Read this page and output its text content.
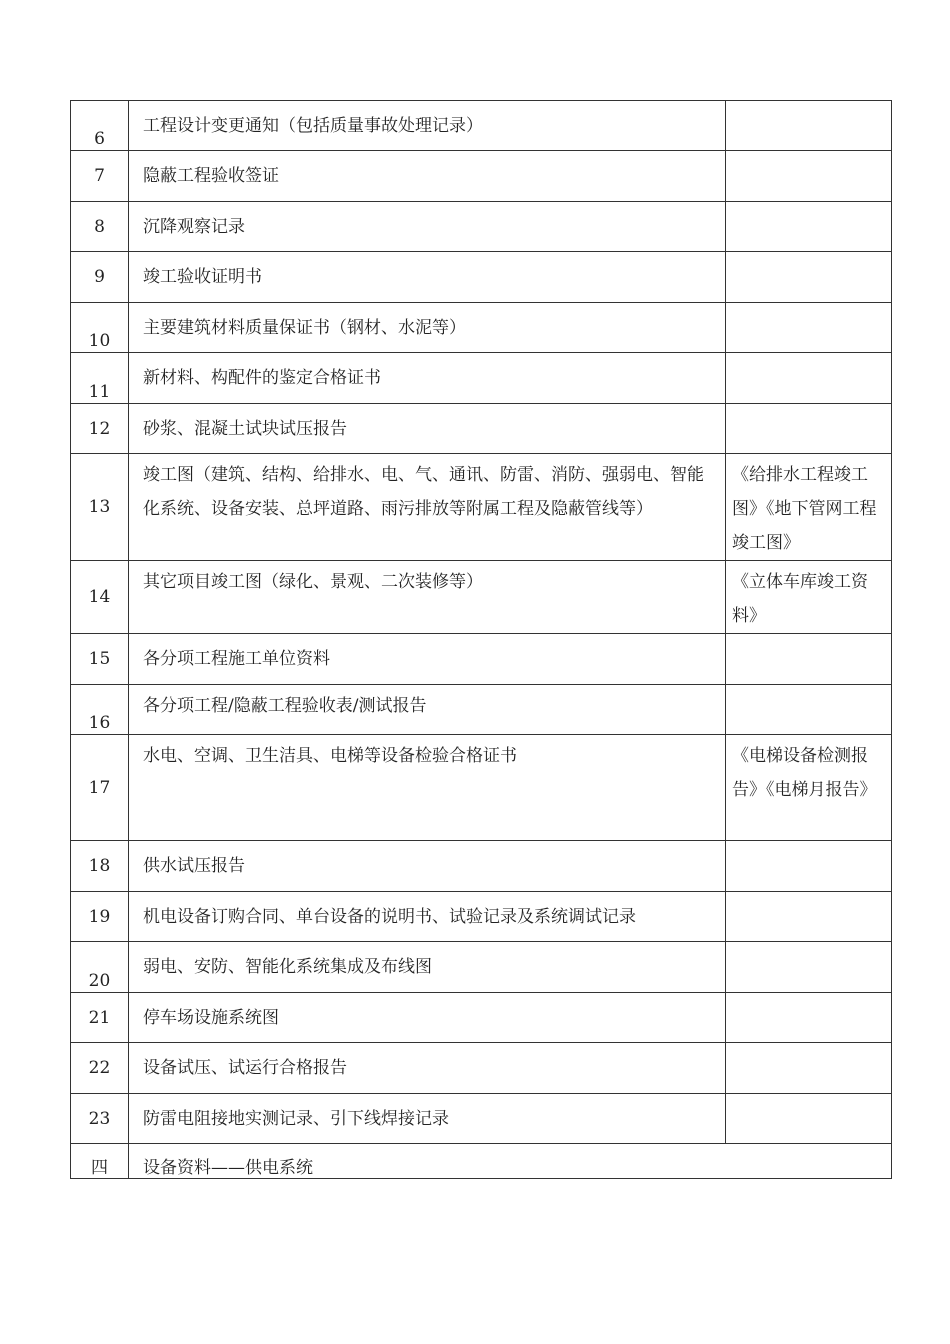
6	工程设计变更通知（包括质量事故处理记录）	
7	隐蔽工程验收签证	
8	沉降观察记录	
9	竣工验收证明书	

10	主要建筑材料质量保证书（钢材、水泥等）	

11	新材料、构配件的鉴定合格证书	
12	砂浆、混凝土试块试压报告	
13	竣工图（建筑、结构、给排水、电、气、通讯、防雷、消防、强弱电、智能化系统、设备安装、总坪道路、雨污排放等附属工程及隐蔽管线等）	《给排水工程竣工图》《地下管网工程竣工图》
14	其它项目竣工图（绿化、景观、二次装修等）	《立体车库竣工资料》
15	各分项工程施工单位资料	

16	各分项工程/隐蔽工程验收表/测试报告	
17	水电、空调、卫生洁具、电梯等设备检验合格证书	《电梯设备检测报告》《电梯月报告》
18	供水试压报告	
19	机电设备订购合同、单台设备的说明书、试验记录及系统调试记录	

20	弱电、安防、智能化系统集成及布线图	
21	停车场设施系统图	
22	设备试压、试运行合格报告	
23	防雷电阻接地实测记录、引下线焊接记录	
四	设备资料——供电系统	
